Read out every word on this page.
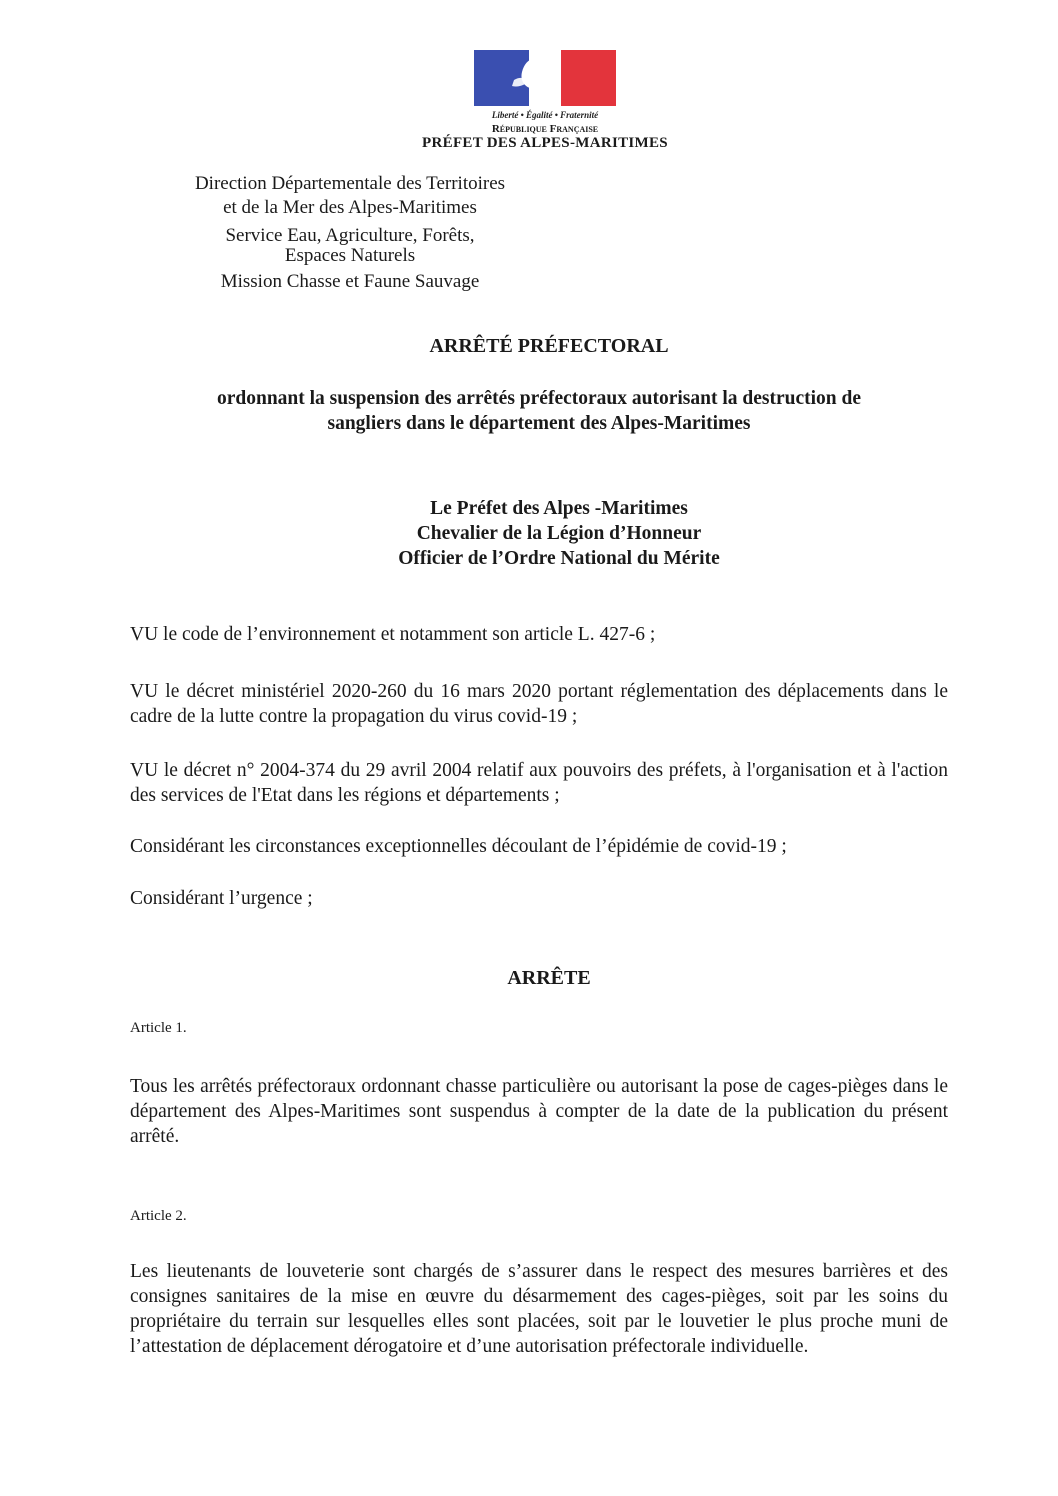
Liberté • Égalité • Fraternité
République Française
PRÉFET DES ALPES-MARITIMES
Direction Départementale des Territoires
et de la Mer des Alpes-Maritimes
Service Eau, Agriculture, Forêts,
Espaces Naturels
Mission Chasse et Faune Sauvage
ARRÊTÉ PRÉFECTORAL
ordonnant la suspension des arrêtés préfectoraux autorisant la destruction de
sangliers dans le département des Alpes-Maritimes
Le Préfet des Alpes -Maritimes
Chevalier de la Légion d’Honneur
Officier de l’Ordre National du Mérite
VU le code de l’environnement et notamment son article L. 427-6 ;
VU le décret ministériel 2020-260 du 16 mars 2020 portant réglementation des déplacements dans le cadre de la lutte contre la propagation du virus covid-19 ;
VU le décret n° 2004-374 du 29 avril 2004 relatif aux pouvoirs des préfets, à l'organisation et à l'action des services de l'Etat dans les régions et départements ;
Considérant les circonstances exceptionnelles découlant de l’épidémie de covid-19 ;
Considérant l’urgence ;
ARRÊTE
Article 1.
Tous les arrêtés préfectoraux ordonnant chasse particulière ou autorisant la pose de cages-pièges dans le département des Alpes-Maritimes sont suspendus à compter de la date de la publication du présent arrêté.
Article 2.
Les lieutenants de louveterie sont chargés de s’assurer dans le respect des mesures barrières et des consignes sanitaires de la mise en œuvre du désarmement des cages-pièges, soit par les soins du propriétaire du terrain sur lesquelles elles sont placées, soit par le louvetier le plus proche muni de l’attestation de déplacement dérogatoire et d’une autorisation préfectorale individuelle.
